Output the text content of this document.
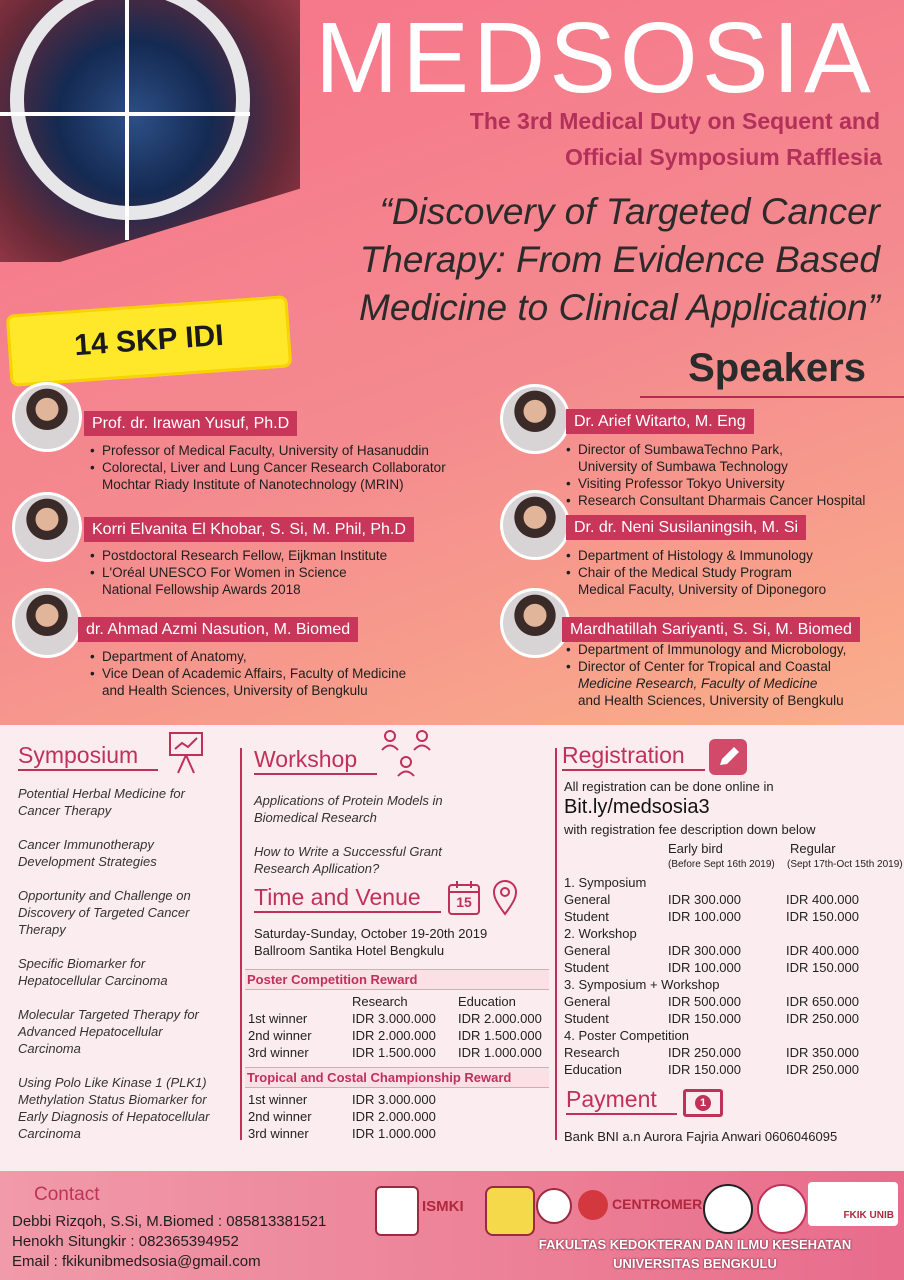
MEDSOSIA
The 3rd Medical Duty on Sequent and
Official Symposium Rafflesia
“Discovery of Targeted Cancer
Therapy: From Evidence Based
Medicine to Clinical Application”
14 SKP IDI
Speakers
Prof. dr. Irawan Yusuf, Ph.D
• Professor of Medical Faculty, University of Hasanuddin
• Colorectal, Liver and Lung Cancer Research Collaborator
Mochtar Riady Institute of Nanotechnology (MRIN)
Korri Elvanita El Khobar, S. Si, M. Phil, Ph.D
• Postdoctoral Research Fellow, Eijkman Institute
• L'Oréal UNESCO For Women in Science
National Fellowship Awards 2018
dr. Ahmad Azmi Nasution, M. Biomed
• Department of Anatomy,
• Vice Dean of Academic Affairs, Faculty of Medicine
and Health Sciences, University of Bengkulu
Dr. Arief Witarto, M. Eng
• Director of SumbawaTechno Park,
University of Sumbawa Technology
• Visiting Professor Tokyo University
• Research Consultant Dharmais Cancer Hospital
Dr. dr. Neni Susilaningsih, M. Si
• Department of Histology & Immunology
• Chair of the Medical Study Program
Medical Faculty, University of Diponegoro
Mardhatillah Sariyanti, S. Si, M. Biomed
• Department of Immunology and Microbology,
• Director of Center for Tropical and Coastal
Medicine Research, Faculty of Medicine
and Health Sciences, University of Bengkulu
Symposium
Potential Herbal Medicine for Cancer Therapy
Cancer Immunotherapy Development Strategies
Opportunity and Challenge on Discovery of Targeted Cancer Therapy
Specific Biomarker for Hepatocellular Carcinoma
Molecular Targeted Therapy for Advanced Hepatocellular Carcinoma
Using Polo Like Kinase 1 (PLK1) Methylation Status Biomarker for Early Diagnosis of Hepatocellular Carcinoma
Workshop
Applications of Protein Models in Biomedical Research
How to Write a Successful Grant Research Apllication?
Time and Venue	15
Saturday-Sunday, October 19-20th 2019
Ballroom Santika Hotel Bengkulu
Poster Competition Reward
	Research	Education
1st winner	IDR 3.000.000	IDR 2.000.000
2nd winner	IDR 2.000.000	IDR 1.500.000
3rd winner	IDR 1.500.000	IDR 1.000.000
Tropical and Costal Championship Reward
1st winner	IDR 3.000.000
2nd winner	IDR 2.000.000
3rd winner	IDR 1.000.000
Registration
All registration can be done online in
Bit.ly/medsosia3
with registration fee description down below
Early bird	Regular
(Before Sept 16th 2019) (Sept 17th-Oct 15th 2019)
1. Symposium		
General	IDR 300.000	IDR 400.000
Student	IDR 100.000	IDR 150.000
2. Workshop		
General	IDR 300.000	IDR 400.000
Student	IDR 100.000	IDR 150.000
3. Symposium + Workshop		
General	IDR 500.000	IDR 650.000
Student	IDR 150.000	IDR 250.000
4. Poster Competition		
Research	IDR 250.000	IDR 350.000
Education	IDR 150.000	IDR 250.000
Payment	1
Bank BNI a.n Aurora Fajria Anwari 0606046095
Contact
Debbi Rizqoh, S.Si, M.Biomed : 085813381521
Henokh Situngkir : 082365394952
Email : fkikunibmedsosia@gmail.com
ISMKI	CENTROMER
FKIK UNIB
FAKULTAS KEDOKTERAN DAN ILMU KESEHATAN
UNIVERSITAS BENGKULU
